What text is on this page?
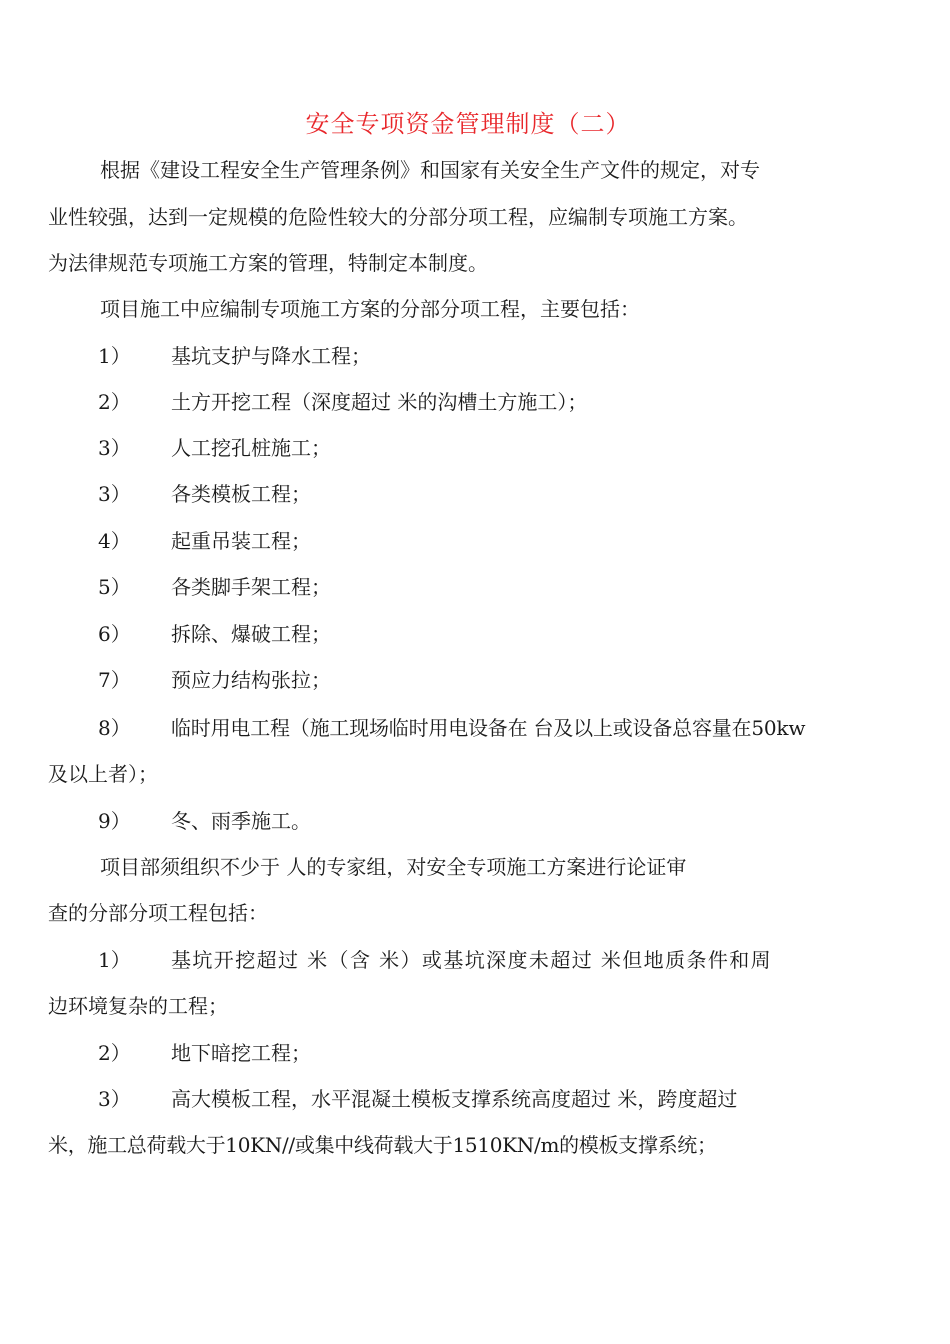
安全专项资金管理制度（二）
根据《建设工程安全生产管理条例》和国家有关安全生产文件的规定，对专
业性较强，达到一定规模的危险性较大的分部分项工程，应编制专项施工方案。
为法律规范专项施工方案的管理，特制定本制度。
项目施工中应编制专项施工方案的分部分项工程，主要包括：
1） 基坑支护与降水工程；
2） 土方开挖工程（深度超过 米的沟槽土方施工）；
3） 人工挖孔桩施工；
3） 各类模板工程；
4） 起重吊装工程；
5） 各类脚手架工程；
6） 拆除、爆破工程；
7） 预应力结构张拉；
8） 临时用电工程（施工现场临时用电设备在 台及以上或设备总容量在50kw
及以上者）；
9） 冬、雨季施工。
项目部须组织不少于 人的专家组，对安全专项施工方案进行论证审
查的分部分项工程包括：
1） 基坑开挖超过 米（含 米）或基坑深度未超过 米但地质条件和周
边环境复杂的工程；
2） 地下暗挖工程；
3） 高大模板工程，水平混凝土模板支撑系统高度超过 米，跨度超过
米，施工总荷载大于10KN//或集中线荷载大于1510KN/m的模板支撑系统；
